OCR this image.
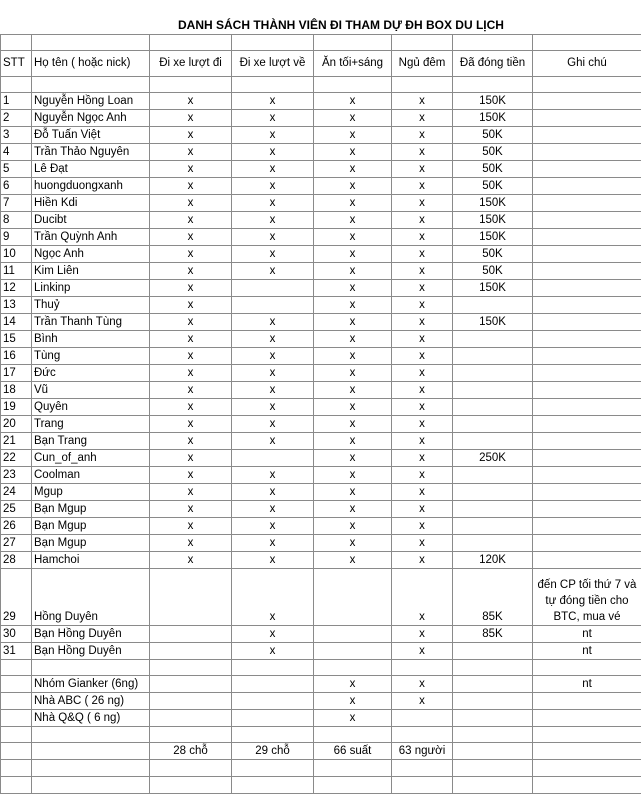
DANH SÁCH THÀNH VIÊN ĐI THAM DỰ ĐH BOX DU LỊCH

STT	Họ tên ( hoặc nick)	Đi xe lượt đi	Đi xe lượt về	Ăn tối+sáng	Ngủ đêm	Đã đóng tiền	Ghi chú

1	Nguyễn Hồng Loan	x	x	x	x	150K	
2	Nguyễn Ngọc Anh	x	x	x	x	150K	
3	Đỗ Tuấn Việt	x	x	x	x	50K	
4	Trần Thảo Nguyên	x	x	x	x	50K	
5	Lê Đạt	x	x	x	x	50K	
6	huongduongxanh	x	x	x	x	50K	
7	Hiền Kdi	x	x	x	x	150K	
8	Ducibt	x	x	x	x	150K	
9	Trần Quỳnh Anh	x	x	x	x	150K	
10	Ngọc Anh	x	x	x	x	50K	
11	Kim Liên	x	x	x	x	50K	
12	Linkinp	x		x	x	150K	
13	Thuỷ	x		x	x		
14	Trần Thanh Tùng	x	x	x	x	150K	
15	Bình	x	x	x	x		
16	Tùng	x	x	x	x		
17	Đức	x	x	x	x		
18	Vũ	x	x	x	x		
19	Quyên	x	x	x	x		
20	Trang	x	x	x	x		
21	Bạn Trang	x	x	x	x		
22	Cun_of_anh	x		x	x	250K	
23	Coolman	x	x	x	x		
24	Mgup	x	x	x	x		
25	Bạn Mgup	x	x	x	x		
26	Bạn Mgup	x	x	x	x		
27	Bạn Mgup	x	x	x	x		
28	Hamchoi	x	x	x	x	120K	
29	Hồng Duyên		x		x	85K	đến CP tối thứ 7 và tự đóng tiền cho BTC, mua vé
30	Bạn Hồng Duyên		x		x	85K	nt
31	Bạn Hồng Duyên		x		x		nt

	Nhóm Gianker (6ng)			x	x		nt
	Nhà ABC ( 26 ng)			x	x		
	Nhà Q&Q ( 6 ng)			x			

		28 chỗ	29 chỗ	66 suất	63 người		
